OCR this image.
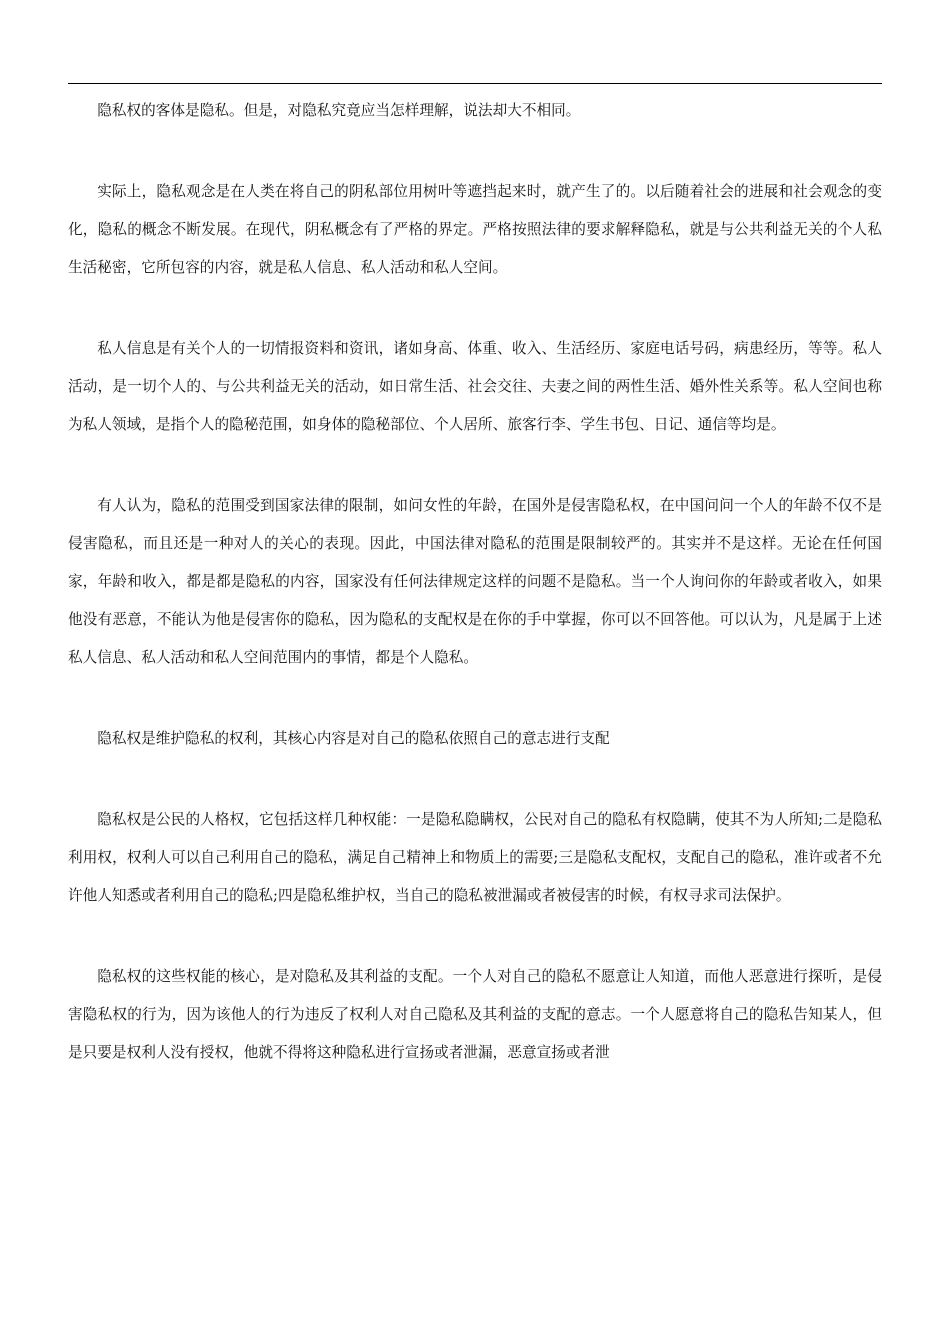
隐私权的客体是隐私。但是，对隐私究竟应当怎样理解，说法却大不相同。

实际上，隐私观念是在人类在将自己的阴私部位用树叶等遮挡起来时，就产生了的。以后随着社会的进展和社会观念的变化，隐私的概念不断发展。在现代，阴私概念有了严格的界定。严格按照法律的要求解释隐私，就是与公共利益无关的个人私生活秘密，它所包容的内容，就是私人信息、私人活动和私人空间。

私人信息是有关个人的一切情报资料和资讯，诸如身高、体重、收入、生活经历、家庭电话号码，病患经历，等等。私人活动，是一切个人的、与公共利益无关的活动，如日常生活、社会交往、夫妻之间的两性生活、婚外性关系等。私人空间也称为私人领域，是指个人的隐秘范围，如身体的隐秘部位、个人居所、旅客行李、学生书包、日记、通信等均是。

有人认为，隐私的范围受到国家法律的限制，如问女性的年龄，在国外是侵害隐私权，在中国问问一个人的年龄不仅不是侵害隐私，而且还是一种对人的关心的表现。因此，中国法律对隐私的范围是限制较严的。其实并不是这样。无论在任何国家，年龄和收入，都是都是隐私的内容，国家没有任何法律规定这样的问题不是隐私。当一个人询问你的年龄或者收入，如果他没有恶意，不能认为他是侵害你的隐私，因为隐私的支配权是在你的手中掌握，你可以不回答他。可以认为，凡是属于上述私人信息、私人活动和私人空间范围内的事情，都是个人隐私。

隐私权是维护隐私的权利，其核心内容是对自己的隐私依照自己的意志进行支配

隐私权是公民的人格权，它包括这样几种权能：一是隐私隐瞒权，公民对自己的隐私有权隐瞒，使其不为人所知;二是隐私利用权，权利人可以自己利用自己的隐私，满足自己精神上和物质上的需要;三是隐私支配权，支配自己的隐私，准许或者不允许他人知悉或者利用自己的隐私;四是隐私维护权，当自己的隐私被泄漏或者被侵害的时候，有权寻求司法保护。

隐私权的这些权能的核心，是对隐私及其利益的支配。一个人对自己的隐私不愿意让人知道，而他人恶意进行探听，是侵害隐私权的行为，因为该他人的行为违反了权利人对自己隐私及其利益的支配的意志。一个人愿意将自己的隐私告知某人，但是只要是权利人没有授权，他就不得将这种隐私进行宣扬或者泄漏，恶意宣扬或者泄
